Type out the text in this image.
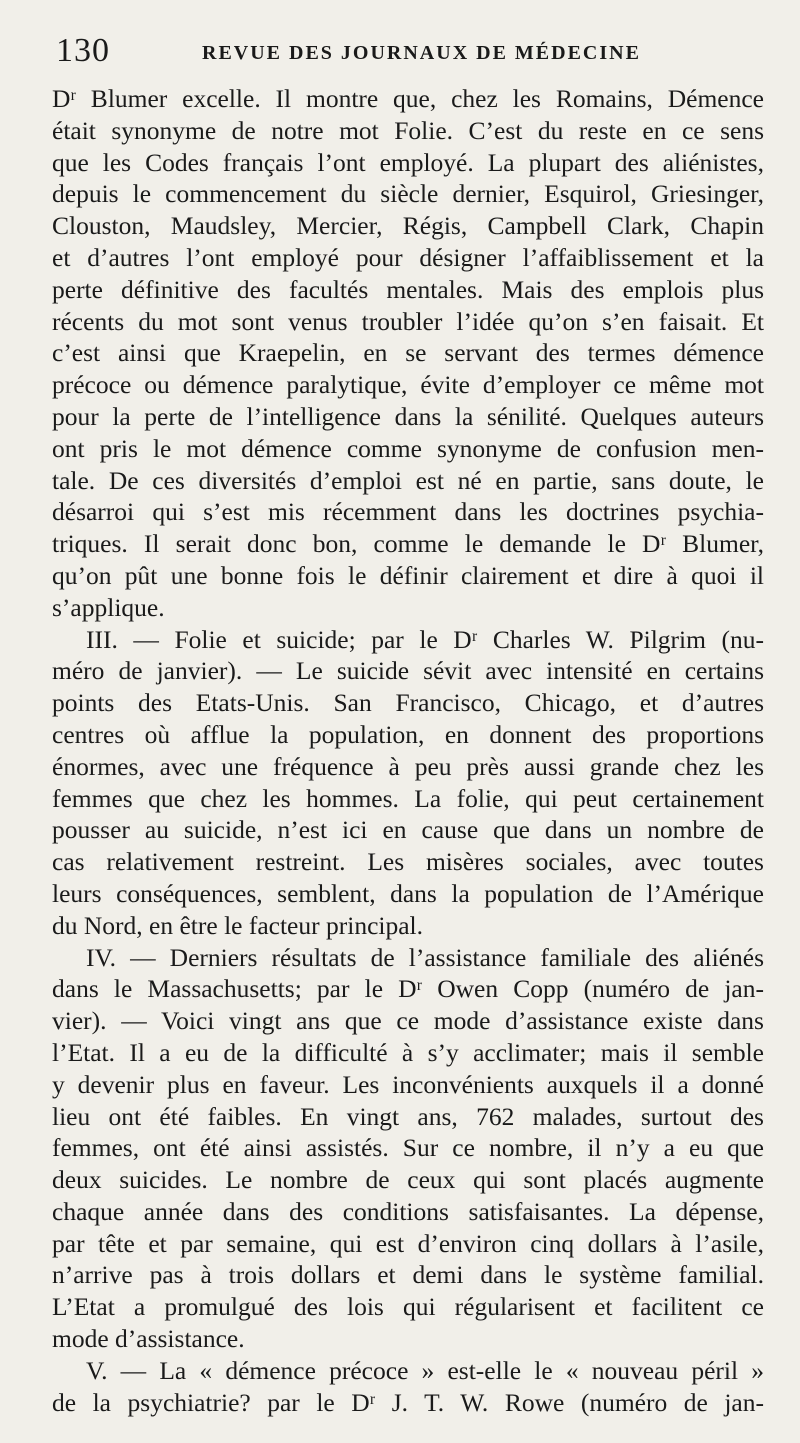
130	REVUE DES JOURNAUX DE MÉDECINE
Dʳ Blumer excelle. Il montre que, chez les Romains, Démence
était synonyme de notre mot Folie. C’est du reste en ce sens
que les Codes français l’ont employé. La plupart des aliénistes,
depuis le commencement du siècle dernier, Esquirol, Griesinger,
Clouston, Maudsley, Mercier, Régis, Campbell Clark, Chapin
et d’autres l’ont employé pour désigner l’affaiblissement et la
perte définitive des facultés mentales. Mais des emplois plus
récents du mot sont venus troubler l’idée qu’on s’en faisait. Et
c’est ainsi que Kraepelin, en se servant des termes démence
précoce ou démence paralytique, évite d’employer ce même mot
pour la perte de l’intelligence dans la sénilité. Quelques auteurs
ont pris le mot démence comme synonyme de confusion men-
tale. De ces diversités d’emploi est né en partie, sans doute, le
désarroi qui s’est mis récemment dans les doctrines psychia-
triques. Il serait donc bon, comme le demande le Dʳ Blumer,
qu’on pût une bonne fois le définir clairement et dire à quoi il
s’applique.
III. — Folie et suicide; par le Dʳ Charles W. Pilgrim (nu-
méro de janvier). — Le suicide sévit avec intensité en certains
points des Etats-Unis. San Francisco, Chicago, et d’autres
centres où afflue la population, en donnent des proportions
énormes, avec une fréquence à peu près aussi grande chez les
femmes que chez les hommes. La folie, qui peut certainement
pousser au suicide, n’est ici en cause que dans un nombre de
cas relativement restreint. Les misères sociales, avec toutes
leurs conséquences, semblent, dans la population de l’Amérique
du Nord, en être le facteur principal.
IV. — Derniers résultats de l’assistance familiale des aliénés
dans le Massachusetts; par le Dʳ Owen Copp (numéro de jan-
vier). — Voici vingt ans que ce mode d’assistance existe dans
l’Etat. Il a eu de la difficulté à s’y acclimater; mais il semble
y devenir plus en faveur. Les inconvénients auxquels il a donné
lieu ont été faibles. En vingt ans, 762 malades, surtout des
femmes, ont été ainsi assistés. Sur ce nombre, il n’y a eu que
deux suicides. Le nombre de ceux qui sont placés augmente
chaque année dans des conditions satisfaisantes. La dépense,
par tête et par semaine, qui est d’environ cinq dollars à l’asile,
n’arrive pas à trois dollars et demi dans le système familial.
L’Etat a promulgué des lois qui régularisent et facilitent ce
mode d’assistance.
V. — La « démence précoce » est-elle le « nouveau péril »
de la psychiatrie? par le Dʳ J. T. W. Rowe (numéro de jan-
